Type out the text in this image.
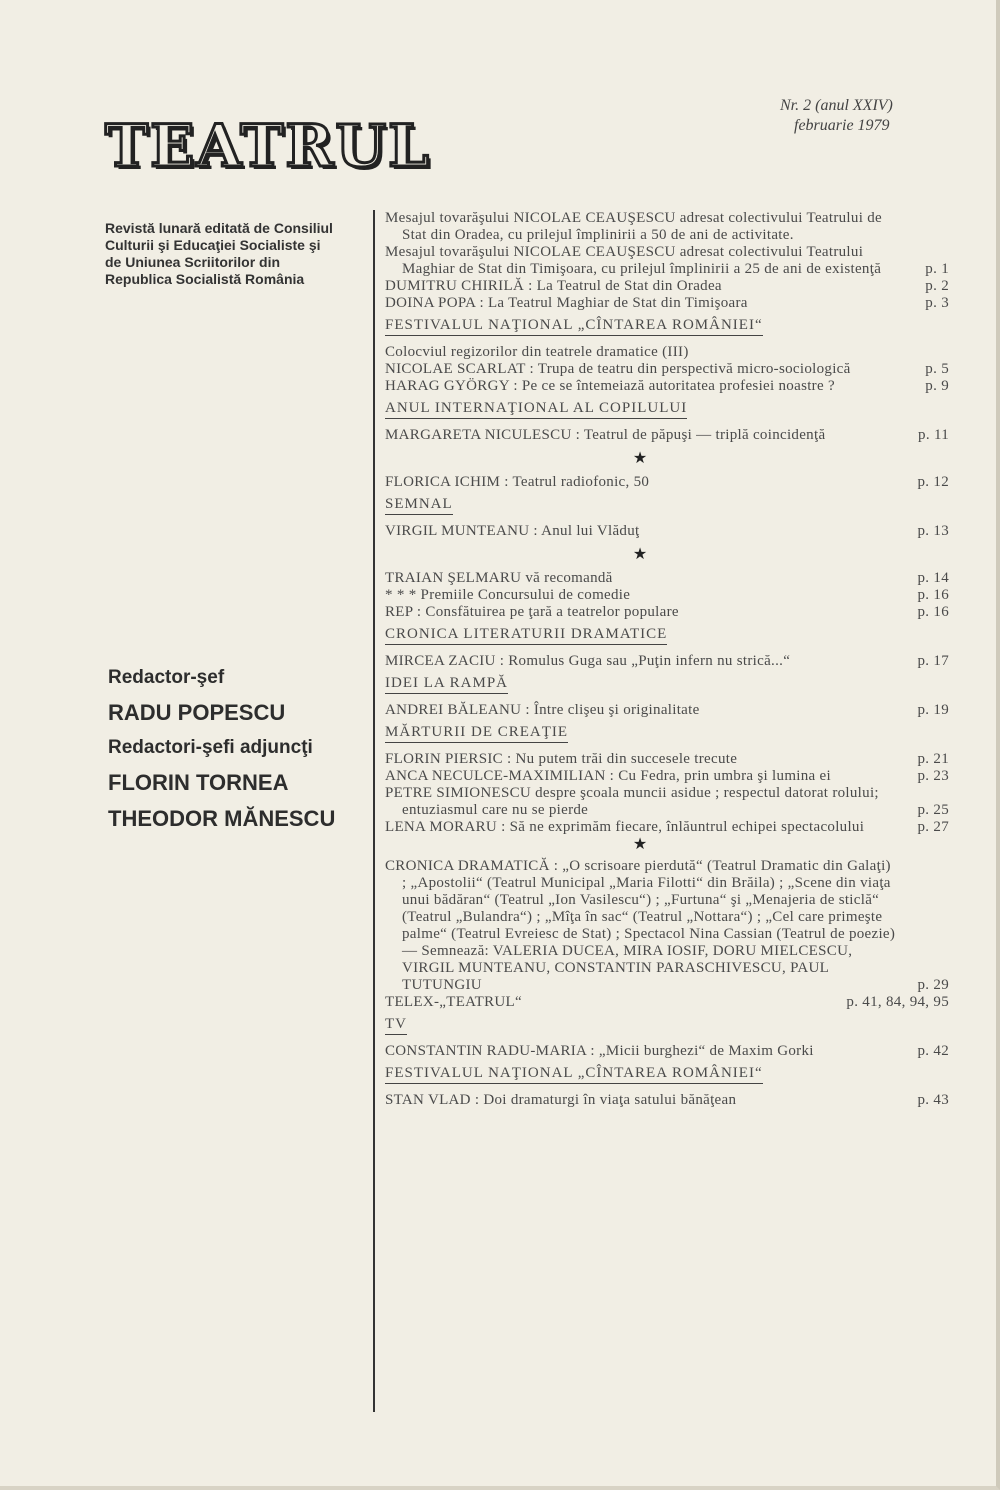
TEATRUL
Nr. 2 (anul XXIV)
februarie 1979
Revistă lunară editată de Consiliul Culturii şi Educaţiei Socialiste şi de Uniunea Scriitorilor din Republica Socialistă România
Redactor-şef
RADU POPESCU
Redactori-şefi adjuncţi
FLORIN TORNEA
THEODOR MĂNESCU
Mesajul tovarăşului NICOLAE CEAUŞESCU adresat colectivului Teatrului de Stat din Oradea, cu prilejul împlinirii a 50 de ani de activitate.
Mesajul tovarăşului NICOLAE CEAUŞESCU adresat colectivului Teatrului Maghiar de Stat din Timişoara, cu prilejul împlinirii a 25 de ani de existenţă	p. 1
DUMITRU CHIRILĂ : La Teatrul de Stat din Oradea	p. 2
DOINA POPA : La Teatrul Maghiar de Stat din Timişoara	p. 3
FESTIVALUL NAŢIONAL „CÎNTAREA ROMÂNIEI“
Colocviul regizorilor din teatrele dramatice (III)
NICOLAE SCARLAT : Trupa de teatru din perspectivă micro-sociologică	p. 5
HARAG GYÖRGY : Pe ce se întemeiază autoritatea profesiei noastre ?	p. 9
ANUL INTERNAŢIONAL AL COPILULUI
MARGARETA NICULESCU : Teatrul de păpuşi — triplă coincidenţă	p. 11
★
FLORICA ICHIM : Teatrul radiofonic, 50	p. 12
SEMNAL
VIRGIL MUNTEANU : Anul lui Vlăduţ	p. 13
★
TRAIAN ŞELMARU vă recomandă	p. 14
* * * Premiile Concursului de comedie	p. 16
REP : Consfătuirea pe ţară a teatrelor populare	p. 16
CRONICA LITERATURII DRAMATICE
MIRCEA ZACIU : Romulus Guga sau „Puţin infern nu strică...“	p. 17
IDEI LA RAMPĂ
ANDREI BĂLEANU : Între clişeu şi originalitate	p. 19
MĂRTURII DE CREAŢIE
FLORIN PIERSIC : Nu putem trăi din succesele trecute	p. 21
ANCA NECULCE-MAXIMILIAN : Cu Fedra, prin umbra şi lumina ei	p. 23
PETRE SIMIONESCU despre şcoala muncii asidue ; respectul datorat rolului; entuziasmul care nu se pierde	p. 25
LENA MORARU : Să ne exprimăm fiecare, înlăuntrul echipei spectacolului	p. 27
★
CRONICA DRAMATICĂ : „O scrisoare pierdută“ (Teatrul Dramatic din Galaţi) ; „Apostolii“ (Teatrul Municipal „Maria Filotti“ din Brăila) ; „Scene din viaţa unui bădăran“ (Teatrul „Ion Vasilescu“) ; „Furtuna“ şi „Menajeria de sticlă“ (Teatrul „Bulandra“) ; „Mîţa în sac“ (Teatrul „Nottara“) ; „Cel care primeşte palme“ (Teatrul Evreiesc de Stat) ; Spectacol Nina Cassian (Teatrul de poezie) — Semnează: VALERIA DUCEA, MIRA IOSIF, DORU MIELCESCU, VIRGIL MUNTEANU, CONSTANTIN PARASCHIVESCU, PAUL TUTUNGIU	p. 29
TELEX-„TEATRUL“	p. 41, 84, 94, 95
TV
CONSTANTIN RADU-MARIA : „Micii burghezi“ de Maxim Gorki	p. 42
FESTIVALUL NAŢIONAL „CÎNTAREA ROMÂNIEI“
STAN VLAD : Doi dramaturgi în viaţa satului bănăţean	p. 43
